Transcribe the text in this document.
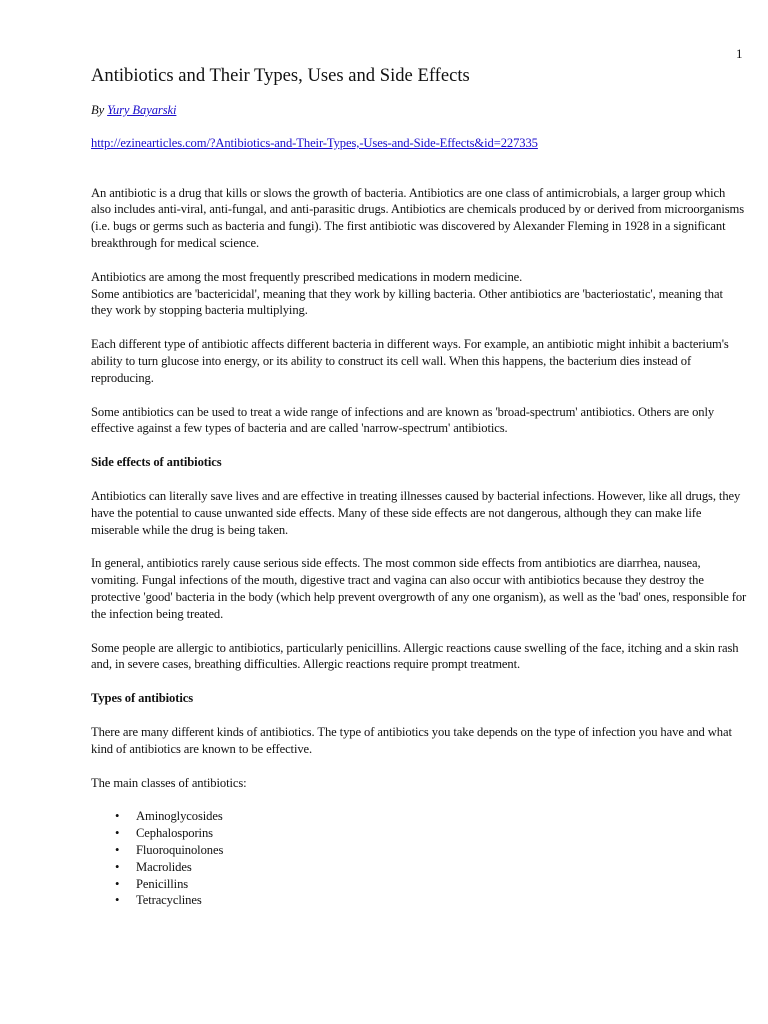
1
Antibiotics and Their Types, Uses and Side Effects
By Yury Bayarski
http://ezinearticles.com/?Antibiotics-and-Their-Types,-Uses-and-Side-Effects&id=227335

An antibiotic is a drug that kills or slows the growth of bacteria. Antibiotics are one class of antimicrobials, a larger group which also includes anti-viral, anti-fungal, and anti-parasitic drugs. Antibiotics are chemicals produced by or derived from microorganisms (i.e. bugs or germs such as bacteria and fungi). The first antibiotic was discovered by Alexander Fleming in 1928 in a significant breakthrough for medical science.

Antibiotics are among the most frequently prescribed medications in modern medicine.
Some antibiotics are 'bactericidal', meaning that they work by killing bacteria. Other antibiotics are 'bacteriostatic', meaning that they work by stopping bacteria multiplying.

Each different type of antibiotic affects different bacteria in different ways. For example, an antibiotic might inhibit a bacterium's ability to turn glucose into energy, or its ability to construct its cell wall. When this happens, the bacterium dies instead of reproducing.

Some antibiotics can be used to treat a wide range of infections and are known as 'broad-spectrum' antibiotics. Others are only effective against a few types of bacteria and are called 'narrow-spectrum' antibiotics.

Side effects of antibiotics

Antibiotics can literally save lives and are effective in treating illnesses caused by bacterial infections. However, like all drugs, they have the potential to cause unwanted side effects. Many of these side effects are not dangerous, although they can make life miserable while the drug is being taken.

In general, antibiotics rarely cause serious side effects. The most common side effects from antibiotics are diarrhea, nausea, vomiting. Fungal infections of the mouth, digestive tract and vagina can also occur with antibiotics because they destroy the protective 'good' bacteria in the body (which help prevent overgrowth of any one organism), as well as the 'bad' ones, responsible for the infection being treated.

Some people are allergic to antibiotics, particularly penicillins. Allergic reactions cause swelling of the face, itching and a skin rash and, in severe cases, breathing difficulties. Allergic reactions require prompt treatment.

Types of antibiotics

There are many different kinds of antibiotics. The type of antibiotics you take depends on the type of infection you have and what kind of antibiotics are known to be effective.

The main classes of antibiotics:

• Aminoglycosides
• Cephalosporins
• Fluoroquinolones
• Macrolides
• Penicillins
• Tetracyclines
